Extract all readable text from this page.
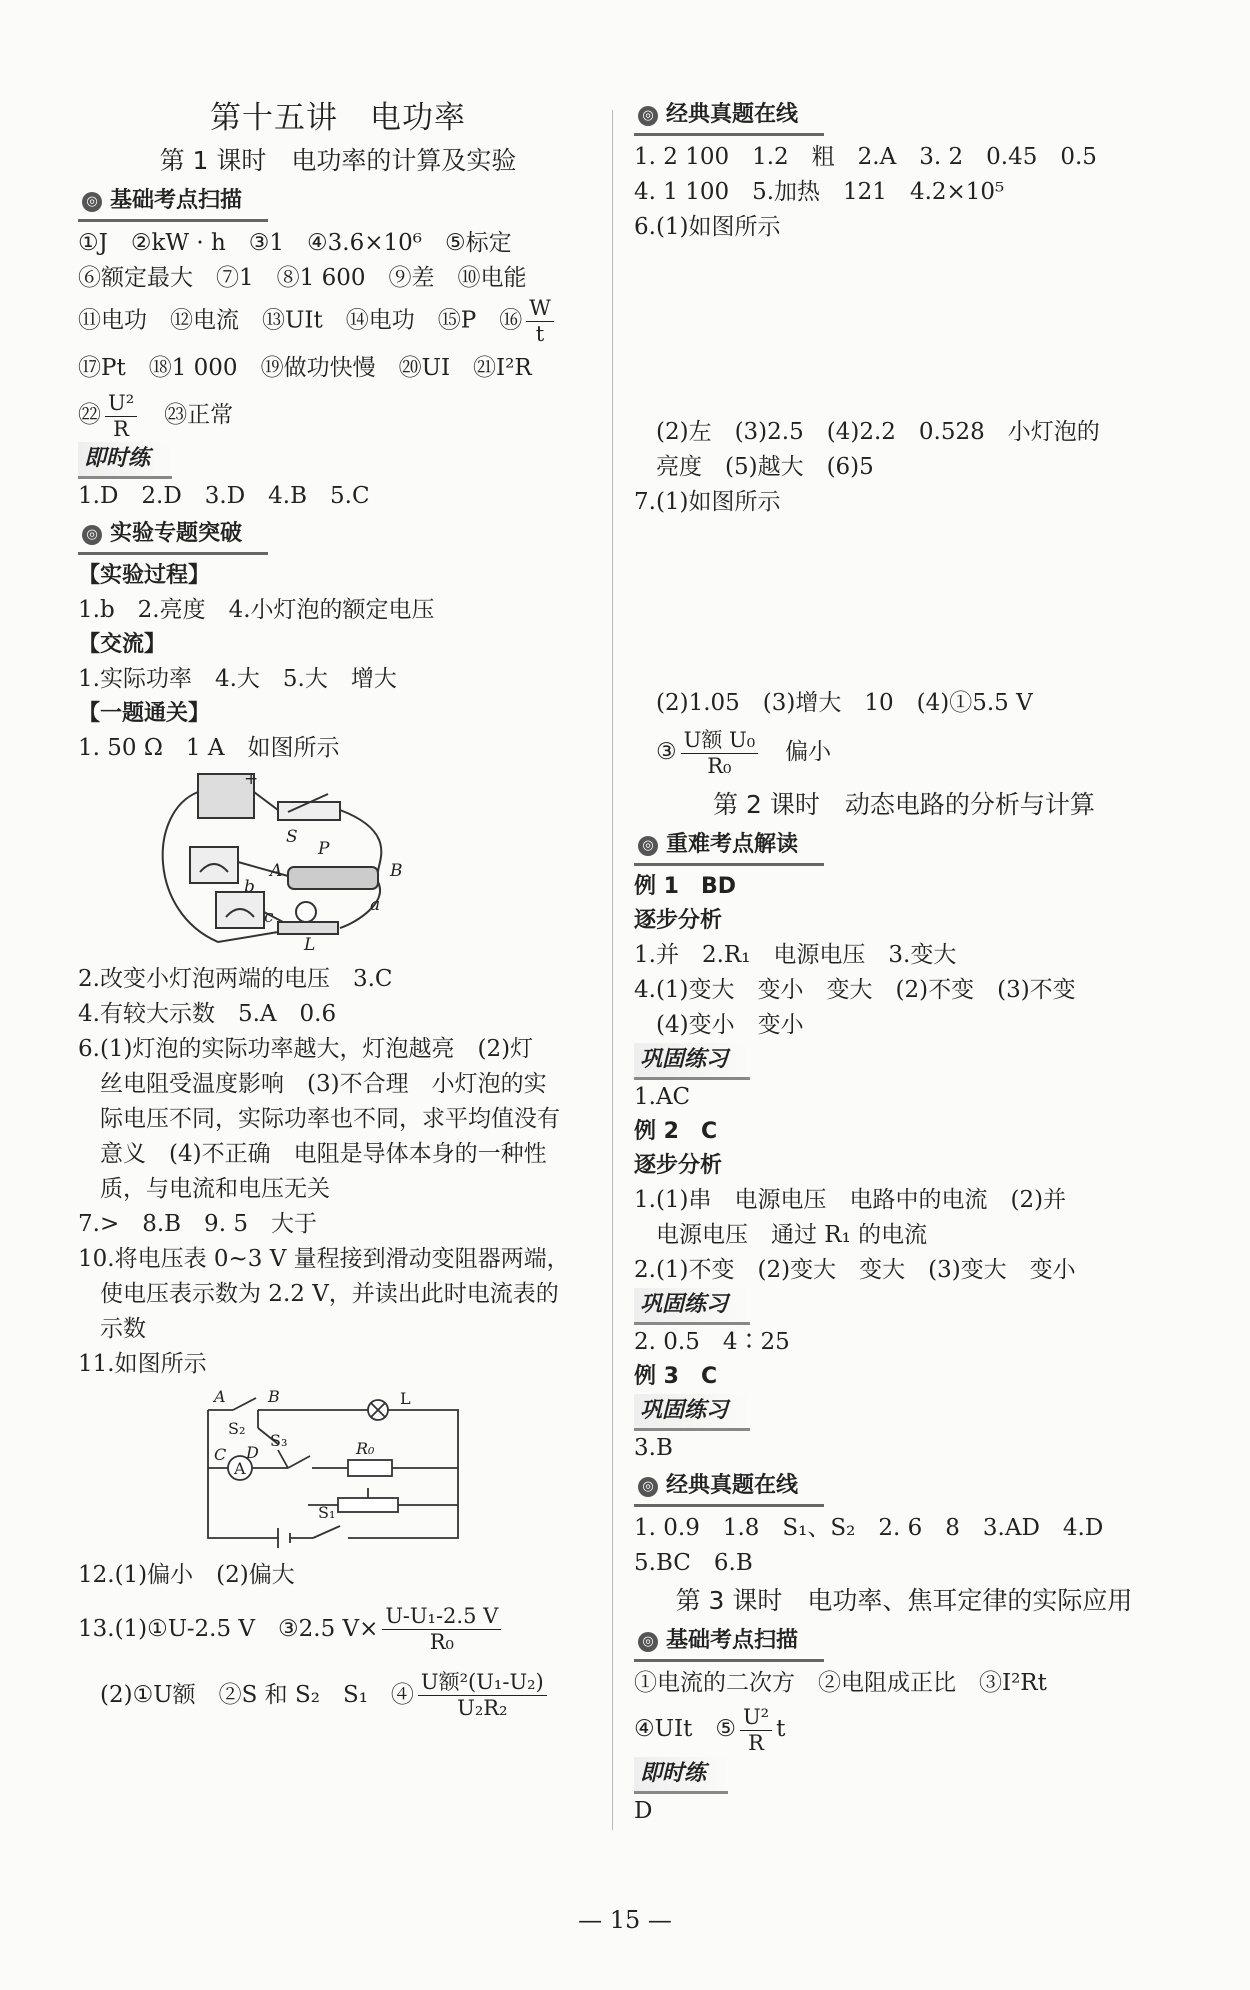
第十五讲　电功率
第 1 课时　电功率的计算及实验
◎ 基础考点扫描
①J　②kW · h　③1　④3.6×10⁶　⑤标定
⑥额定最大　⑦1　⑧1 600　⑨差　⑩电能
⑪电功　⑫电流　⑬UIt　⑭电功　⑮P　⑯ $\frac{W}{t}$
⑰Pt　⑱1 000　⑲做功快慢　⑳UI　㉑I²R
㉒ $\frac{\text{U²}}{R}$ 　㉓正常
即时练
1.D　2.D　3.D　4.B　5.C
◎ 实验专题突破
【实验过程】
1.b　2.亮度　4.小灯泡的额定电压
【交流】
1.实际功率　4.大　5.大　增大
【一题通关】
1. 50 Ω　1 A　如图所示
S
P
A	B
b
a
c
L
+
2.改变小灯泡两端的电压　3.C
4.有较大示数　5.A　0.6
6.(1)灯泡的实际功率越大，灯泡越亮　(2)灯
丝电阻受温度影响　(3)不合理　小灯泡的实
际电压不同，实际功率也不同，求平均值没有
意义　(4)不正确　电阻是导体本身的一种性
质，与电流和电压无关
7.>　8.B　9. 5　大于
10.将电压表 0~3 V 量程接到滑动变阻器两端，
使电压表示数为 2.2 V，并读出此时电流表的
示数
11.如图所示
A	B	L
S₂
S₃
C D
A
R₀
S₁
12.(1)偏小　(2)偏大
13.(1)①U-2.5 V　③2.5 $V\times \frac{\text{U-U₁-2.5 V}}{\text{R₀}}$
(2)①U额　②S 和 S₂　S₁　④ $\frac{\text{U额²(U₁-U₂)}}{\text{U₂R₂}}$
◎ 经典真题在线
1. 2 100　1.2　粗　2.A　3. 2　0.45　0.5
4. 1 100　5.加热　121　4.2×10⁵
6.(1)如图所示
(2)左　(3)2.5　(4)2.2　0.528　小灯泡的
亮度　(5)越大　(6)5
7.(1)如图所示
(2)1.05　(3)增大　10　(4)①5.5 V
③ $\frac{\text{U额 U₀}}{\text{R₀}}$ 　偏小
第 2 课时　动态电路的分析与计算
◎ 重难考点解读
例 1　BD
逐步分析
1.并　2.R₁　电源电压　3.变大
4.(1)变大　变小　变大　(2)不变　(3)不变
(4)变小　变小
巩固练习
1.AC
例 2　C
逐步分析
1.(1)串　电源电压　电路中的电流　(2)并
电源电压　通过 R₁ 的电流
2.(1)不变　(2)变大　变大　(3)变大　变小
巩固练习
2. 0.5　4∶25
例 3　C
巩固练习
3.B
◎ 经典真题在线
1. 0.9　1.8　S₁、S₂　2. 6　8　3.AD　4.D
5.BC　6.B
第 3 课时　电功率、焦耳定律的实际应用
◎ 基础考点扫描
①电流的二次方　②电阻成正比　③I²Rt
④UIt　⑤ $\frac{\text{U²}}{R}$ t
即时练
D
— 15 —
